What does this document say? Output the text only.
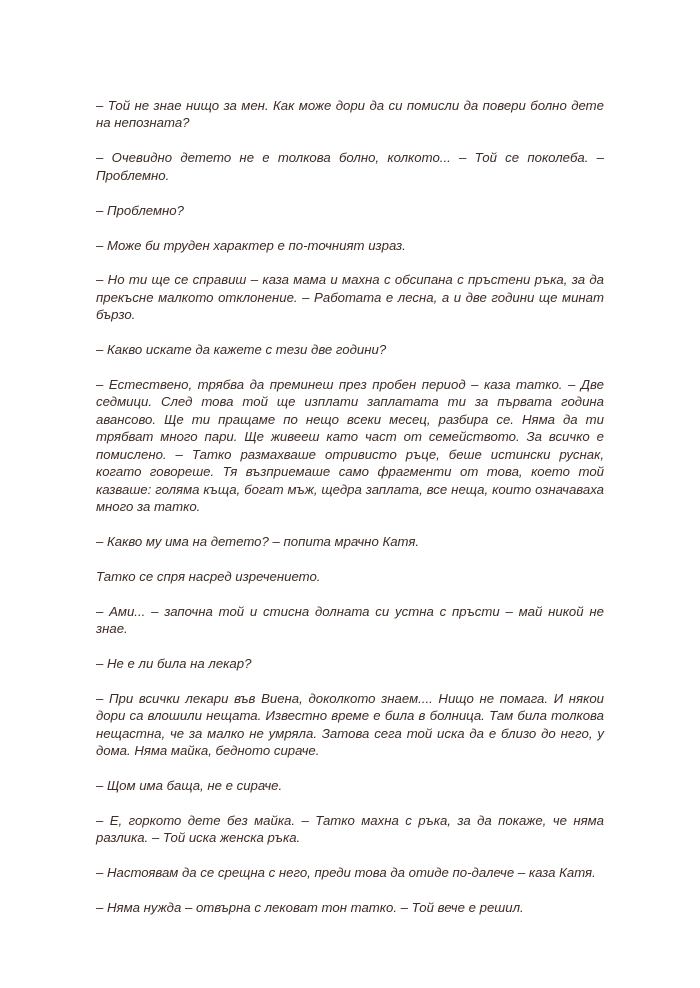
– Той не знае нищо за мен. Как може дори да си помисли да повери болно дете на непозната?

– Очевидно детето не е толкова болно, колкото... – Той се поколеба. – Проблемно.

– Проблемно?

– Може би труден характер е по-точният израз.

– Но ти ще се справиш – каза мама и махна с обсипана с пръстени ръка, за да прекъсне малкото отклонение. – Работата е лесна, а и две години ще минат бързо.

– Какво искате да кажете с тези две години?

– Естествено, трябва да преминеш през пробен период – каза татко. – Две седмици. След това той ще изплати заплатата ти за първата година авансово. Ще ти пращаме по нещо всеки месец, разбира се. Няма да ти трябват много пари. Ще живееш като част от семейството. За всичко е помислено. – Татко размахваше отривисто ръце, беше истински руснак, когато говореше. Тя възприемаше само фрагменти от това, което той казваше: голяма къща, богат мъж, щедра заплата, все неща, които означаваха много за татко.

– Какво му има на детето? – попита мрачно Катя.

Татко се спря насред изречението.

– Ами... – започна той и стисна долната си устна с пръсти – май никой не знае.

– Не е ли била на лекар?

– При всички лекари във Виена, доколкото знаем.... Нищо не помага. И някои дори са влошили нещата. Известно време е била в болница. Там била толкова нещастна, че за малко не умряла. Затова сега той иска да е близо до него, у дома. Няма майка, бедното сираче.

– Щом има баща, не е сираче.

– Е, горкото дете без майка. – Татко махна с ръка, за да покаже, че няма разлика. – Той иска женска ръка.

– Настоявам да се срещна с него, преди това да отиде по-далече – каза Катя.

– Няма нужда – отвърна с лековат тон татко. – Той вече е решил.
